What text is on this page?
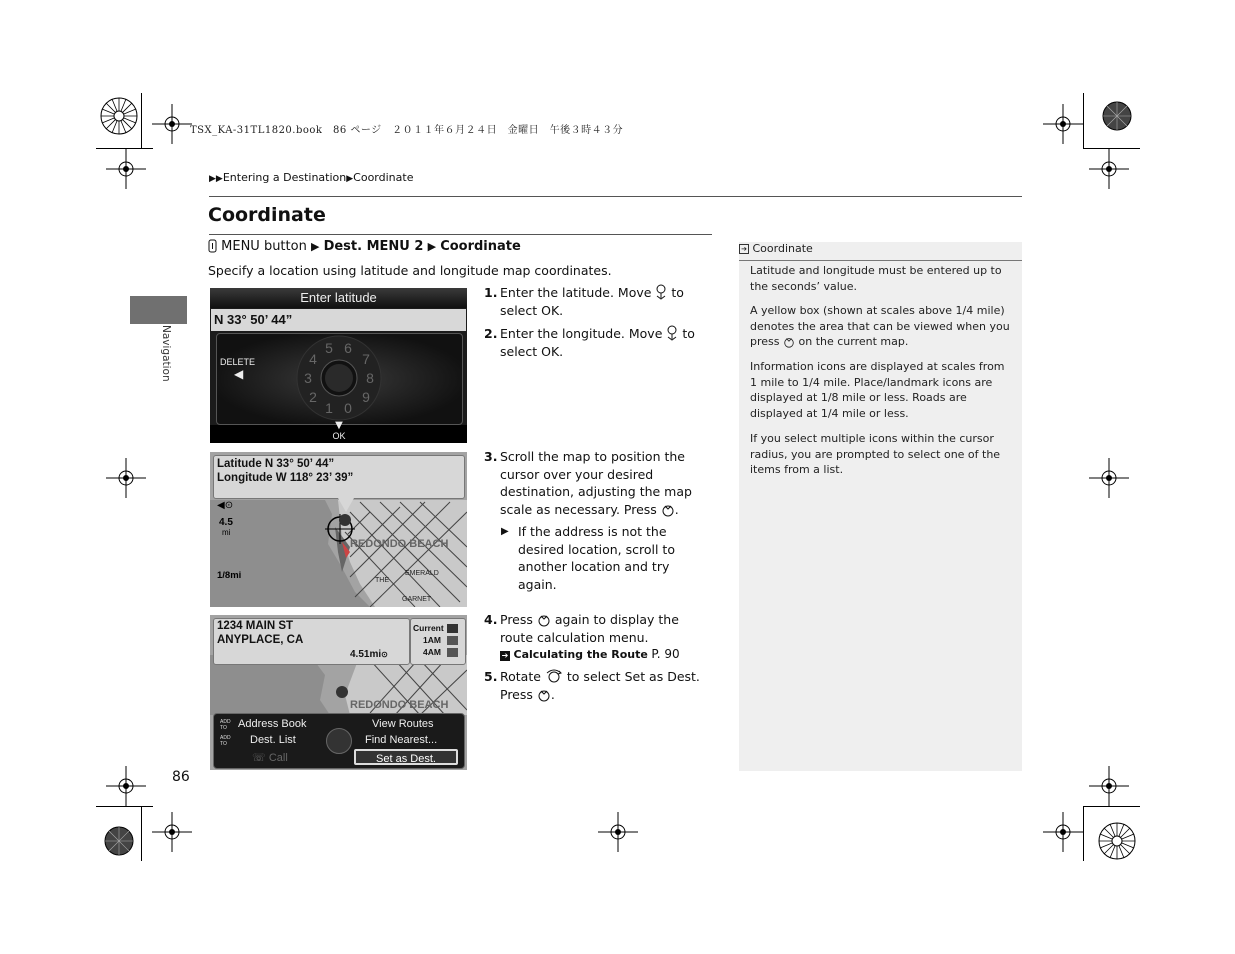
TSX_KA-31TL1820.book　86 ページ　２０１１年６月２４日　金曜日　午後３時４３分
▶▶Entering a Destination▶Coordinate
Coordinate
MENU button ▶ Dest. MENU 2 ▶ Coordinate
Specify a location using latitude and longitude map coordinates.
Navigation
86
Enter latitude
N 33° 50’ 44”
5 6
4	7
3	8
2	9
1 0
DELETE
◀
▼
OK
Latitude N 33° 50’ 44”
Longitude W 118° 23’ 39”
◀⊙
4.5
mi
1/8mi
REDONDO BEACH
THE
EMERALD
GARNET
1234 MAIN ST
ANYPLACE, CA
4.51mi⊙
Current
1AM
4AM
REDONDO BEACH
ADD TO	Address Book
ADD TO	Dest. List
☏ Call
View Routes
Find Nearest...
Set as Dest.
1. Enter the latitude. Move to select OK.
2. Enter the longitude. Move to select OK.
3. Scroll the map to position the cursor over your desired destination, adjusting the map scale as necessary. Press .
▶ If the address is not the desired location, scroll to another location and try again.
4. Press again to display the route calculation menu.
➔ Calculating the Route P. 90
5. Rotate to select Set as Dest.
Press .
➔ Coordinate
Latitude and longitude must be entered up to the seconds’ value.
A yellow box (shown at scales above 1/4 mile) denotes the area that can be viewed when you press on the current map.
Information icons are displayed at scales from 1 mile to 1/4 mile. Place/landmark icons are displayed at 1/8 mile or less. Roads are displayed at 1/4 mile or less.
If you select multiple icons within the cursor radius, you are prompted to select one of the items from a list.
